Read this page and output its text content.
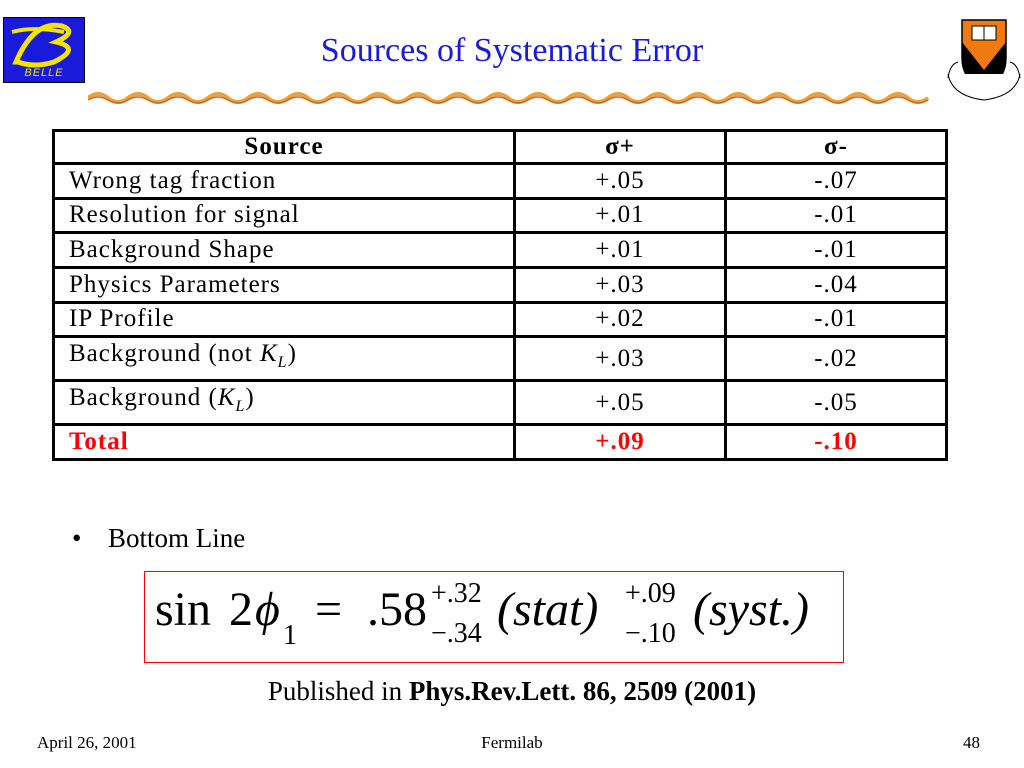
BELLE
Sources of Systematic Error
Source	σ+	σ-
Wrong tag fraction	+.05	-.07
Resolution for signal	+.01	-.01
Background Shape	+.01	-.01
Physics Parameters	+.03	-.04
IP Profile	+.02	-.01
Background (not $K_L$)	+.03	-.02
Background $(K_L)$	+.05	-.05
Total	+.09	-.10
• Bottom Line
sin 2 ϕ 1 = .58 +.32
−.34 (stat) +.09
−.10 (syst.)
Published in Phys.Rev.Lett. 86, 2509 (2001)
April 26, 2001	Fermilab	48
